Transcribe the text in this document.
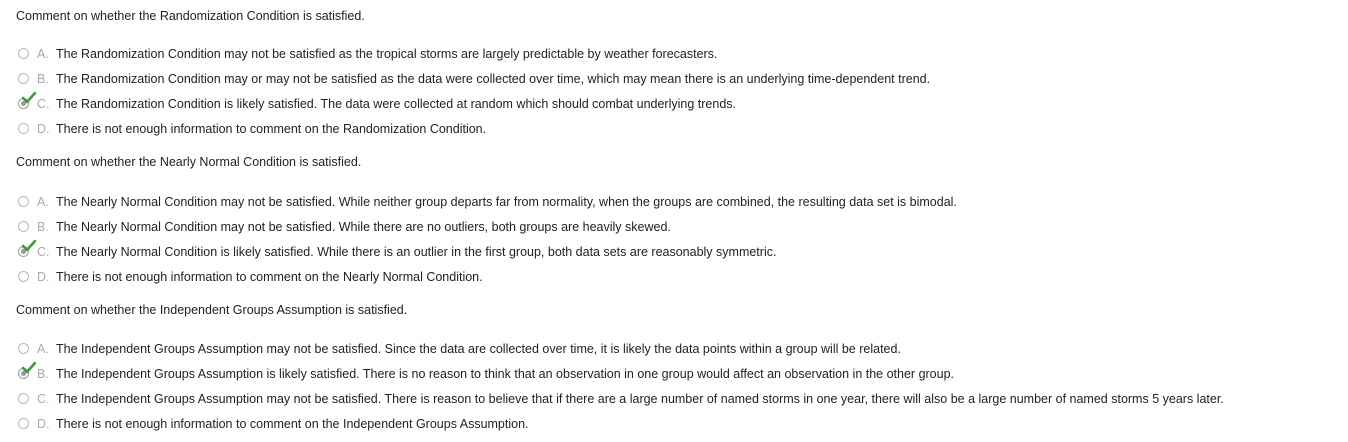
Comment on whether the Randomization Condition is satisfied.
A. The Randomization Condition may not be satisfied as the tropical storms are largely predictable by weather forecasters.
B. The Randomization Condition may or may not be satisfied as the data were collected over time, which may mean there is an underlying time-dependent trend.
C. The Randomization Condition is likely satisfied. The data were collected at random which should combat underlying trends.
D. There is not enough information to comment on the Randomization Condition.
Comment on whether the Nearly Normal Condition is satisfied.
A. The Nearly Normal Condition may not be satisfied. While neither group departs far from normality, when the groups are combined, the resulting data set is bimodal.
B. The Nearly Normal Condition may not be satisfied. While there are no outliers, both groups are heavily skewed.
C. The Nearly Normal Condition is likely satisfied. While there is an outlier in the first group, both data sets are reasonably symmetric.
D. There is not enough information to comment on the Nearly Normal Condition.
Comment on whether the Independent Groups Assumption is satisfied.
A. The Independent Groups Assumption may not be satisfied. Since the data are collected over time, it is likely the data points within a group will be related.
B. The Independent Groups Assumption is likely satisfied. There is no reason to think that an observation in one group would affect an observation in the other group.
C. The Independent Groups Assumption may not be satisfied. There is reason to believe that if there are a large number of named storms in one year, there will also be a large number of named storms 5 years later.
D. There is not enough information to comment on the Independent Groups Assumption.
